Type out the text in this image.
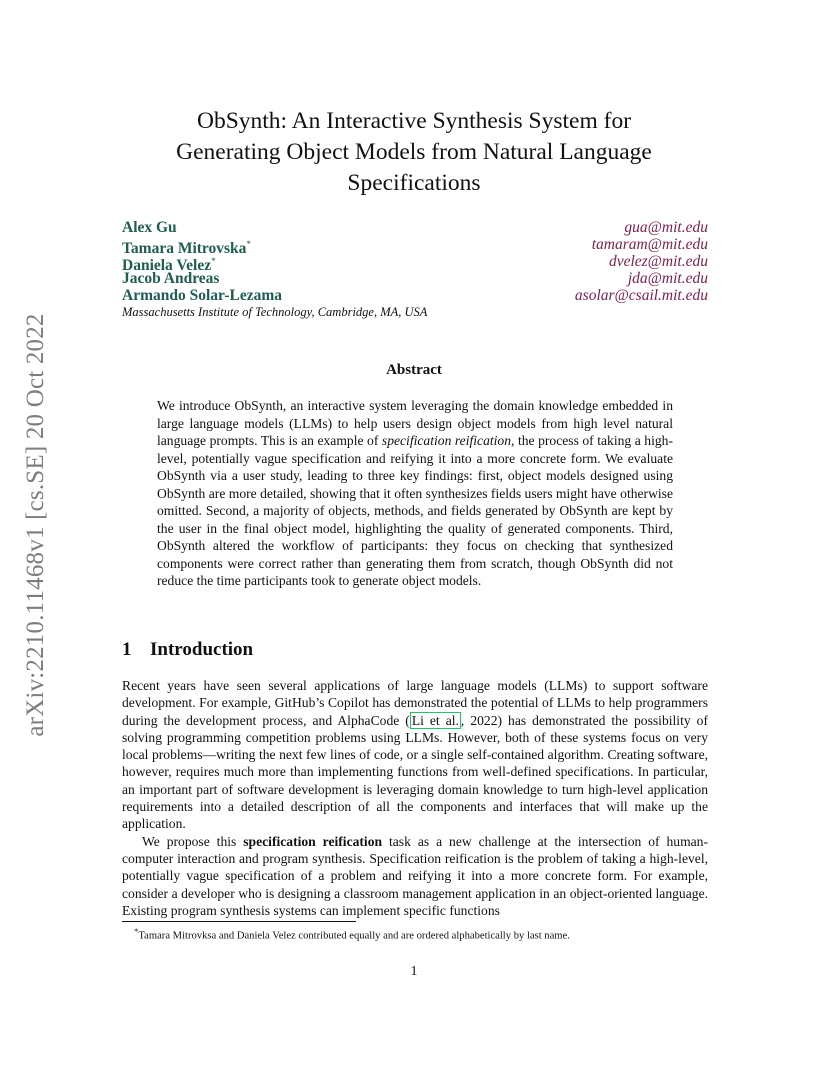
arXiv:2210.11468v1 [cs.SE] 20 Oct 2022
ObSynth: An Interactive Synthesis System for
Generating Object Models from Natural Language
Specifications
Alex Gu	gua@mit.edu
Tamara Mitrovska*	tamaram@mit.edu
Daniela Velez*	dvelez@mit.edu
Jacob Andreas	jda@mit.edu
Armando Solar-Lezama	asolar@csail.mit.edu
Massachusetts Institute of Technology, Cambridge, MA, USA
Abstract
We introduce ObSynth, an interactive system leveraging the domain knowledge embedded in large language models (LLMs) to help users design object models from high level natural language prompts. This is an example of specification reification, the process of taking a high-level, potentially vague specification and reifying it into a more concrete form. We evaluate ObSynth via a user study, leading to three key findings: first, object models designed using ObSynth are more detailed, showing that it often synthesizes fields users might have otherwise omitted. Second, a majority of objects, methods, and fields generated by ObSynth are kept by the user in the final object model, highlighting the quality of generated components. Third, ObSynth altered the workflow of participants: they focus on checking that synthesized components were correct rather than generating them from scratch, though ObSynth did not reduce the time participants took to generate object models.
1 Introduction

Recent years have seen several applications of large language models (LLMs) to support software development. For example, GitHub’s Copilot has demonstrated the potential of LLMs to help programmers during the development process, and AlphaCode ( Li et al. , 2022) has demonstrated the possibility of solving programming competition problems using LLMs. However, both of these systems focus on very local problems—writing the next few lines of code, or a single self-contained algorithm. Creating software, however, requires much more than implementing functions from well-defined specifications. In particular, an important part of software development is leveraging domain knowledge to turn high-level application requirements into a detailed description of all the components and interfaces that will make up the application.

We propose this specification reification task as a new challenge at the intersection of human-computer interaction and program synthesis. Specification reification is the problem of taking a high-level, potentially vague specification of a problem and reifying it into a more concrete form. For example, consider a developer who is designing a classroom management application in an object-oriented language. Existing program synthesis systems can implement specific functions

*Tamara Mitrovksa and Daniela Velez contributed equally and are ordered alphabetically by last name.
1
